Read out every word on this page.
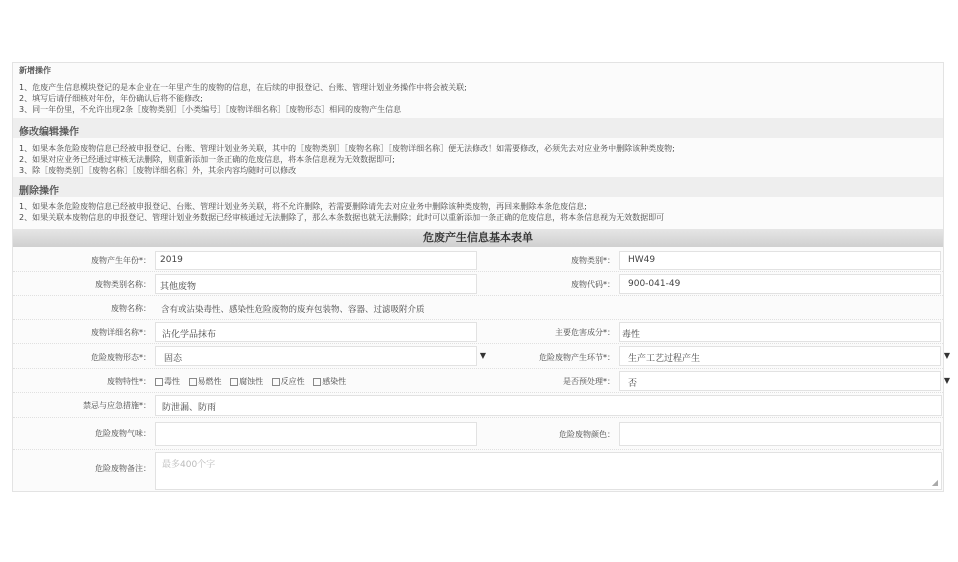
新增操作
1、危废产生信息模块登记的是本企业在一年里产生的废物的信息，在后续的申报登记、台账、管理计划业务操作中将会被关联;
2、填写后请仔细核对年份，年份确认后将不能修改;
3、同一年份里，不允许出现2条［废物类别］［小类编号］［废物详细名称］［废物形态］相同的废物产生信息
修改编辑操作
1、如果本条危险废物信息已经被申报登记、台账、管理计划业务关联，其中的［废物类别］［废物名称］［废物详细名称］便无法修改！如需要修改，必须先去对应业务中删除该种类废物;
2、如果对应业务已经通过审核无法删除，则重新添加一条正确的危废信息，将本条信息视为无效数据即可;
3、除［废物类别］［废物名称］［废物详细名称］外，其余内容均随时可以修改
删除操作
1、如果本条危险废物信息已经被申报登记、台账、管理计划业务关联，将不允许删除，若需要删除请先去对应业务中删除该种类废物，再回来删除本条危废信息;
2、如果关联本废物信息的申报登记、管理计划业务数据已经审核通过无法删除了，那么本条数据也就无法删除；此时可以重新添加一条正确的危废信息，将本条信息视为无效数据即可
危废产生信息基本表单
废物产生年份*： 2019	废物类别*： HW49
废物类别名称： 其他废物	废物代码*： 900-041-49
废物名称： 含有或沾染毒性、感染性危险废物的废弃包装物、容器、过滤吸附介质
废物详细名称*： 沾化学品抹布	主要危害成分*： 毒性
危险废物形态*： 固态	▼	危险废物产生环节*： 生产工艺过程产生	▼
废物特性*：	毒性 易燃性 腐蚀性 反应性 感染性	是否预处理*： 否	▼
禁忌与应急措施*： 防泄漏、防雨
危险废物气味：	危险废物颜色：
危险废物备注： 最多400个字
◢
